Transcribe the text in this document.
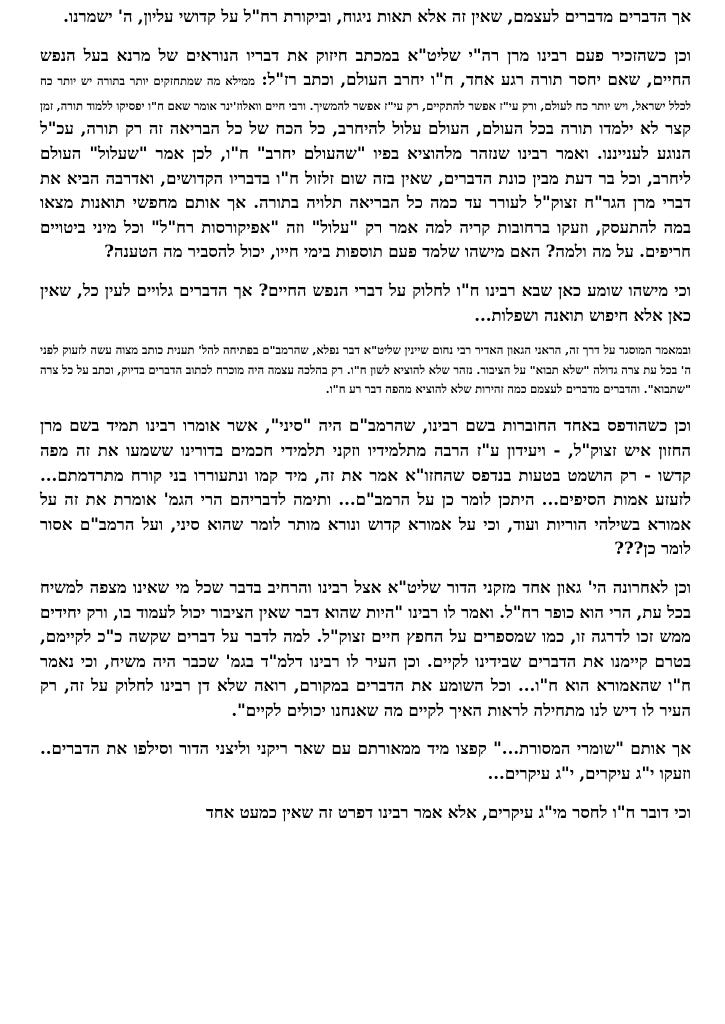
אך הדברים מדברים לעצמם, שאין זה אלא תאות ניגוח, וביקורת רח"ל על קדושי עליון, ה' ישמרנו.

וכן כשהזכיר פעם רבינו מרן רה"י שליט"א במכתב חיזוק את דבריו הנוראים של מרנא בעל הנפש החיים, שאם יחסר תורה רגע אחד, ח"ו יחרב העולם, וכתב רז"ל: ממילא מה שמתחזקים יותר בתורה יש יותר כח לכלל ישראל, ויש יותר כח לעולם, ורק עי"ז אפשר להתקיים, רק עי"ז אפשר להמשיך. ורבי חיים וואלוז'ינר אומר שאם ח"ו יפסיקו ללמוד תורה, זמן קצר לא ילמדו תורה בכל העולם, העולם עלול להיחרב, כל הכח של כל הבריאה זה רק תורה, עכ"ל הנוגע לענייננו. ואמר רבינו שנזהר מלהוציא בפיו "שהעולם יחרב" ח"ו, לכן אמר "שעלול" העולם ליחרב, וכל בר דעת מבין כונת הדברים, שאין בזה שום זלזול ח"ו בדבריו הקדושים, ואדרבה הביא את דברי מרן הגר"ח זצוק"ל לעורר עד כמה כל הבריאה תלויה בתורה. אך אותם מחפשי תואנות מצאו במה להתעסק, וזעקו ברחובות קריה למה אמר רק "עלול" וזה "אפיקורסות רח"ל" וכל מיני ביטויים חריפים. על מה ולמה? האם מישהו שלמד פעם תוספות בימי חייו, יכול להסביר מה הטענה?

וכי מישהו שומע כאן שבא רבינו ח"ו לחלוק על דברי הנפש החיים? אך הדברים גלויים לעין כל, שאין כאן אלא חיפוש תואנה ושפלות...

ובמאמר המוסגר על דרך זה, הראני הגאון האדיר רבי נחום שיינין שליט"א דבר נפלא, שהרמב"ם בפתיחה להל' תענית כותב מצוה עשה לזעוק לפני ה' בכל עת צרה גדולה "שלא תבוא" על הציבור. נזהר שלא להוציא לשון ח"ו. רק בהלכה עצמה היה מוכרח לכתוב הדברים בדיוק, וכתב על כל צרה "שתבוא". והדברים מדברים לעצמם כמה זהירות שלא להוציא מהפה דבר רע ח"ו.

וכן כשהודפס באחד החוברות בשם רבינו, שהרמב"ם היה "סיני", אשר אומרו רבינו תמיד בשם מרן החזון איש זצוק"ל, - ויעידון ע"ז הרבה מתלמידיו וזקני תלמידי חכמים בדורינו ששמעו את זה מפה קדשו - רק הושמט בטעות בנדפס שהחזו"א אמר את זה, מיד קמו ונתעוררו בני קורח מתרדמתם... לזעזע אמות הסיפים... היתכן לומר כן על הרמב"ם... ותימה לדבריהם הרי הגמ' אומרת את זה על אמורא בשילהי הוריות ועוד, וכי על אמורא קדוש ונורא מותר לומר שהוא סיני, ועל הרמב"ם אסור לומר כן???

וכן לאחרונה הי' גאון אחד מזקני הדור שליט"א אצל רבינו והרחיב בדבר שכל מי שאינו מצפה למשיח בכל עת, הרי הוא כופר רח"ל. ואמר לו רבינו "היות שהוא דבר שאין הציבור יכול לעמוד בו, ורק יחידים ממש זכו לדרגה זו, כמו שמספרים על החפץ חיים זצוק"ל. למה לדבר על דברים שקשה כ"כ לקיימם, בטרם קיימנו את הדברים שבידינו לקיים. וכן העיר לו רבינו דלמ"ד בגמ' שכבר היה משיח, וכי נאמר ח"ו שהאמורא הוא ח"ו... וכל השומע את הדברים במקורם, רואה שלא דן רבינו לחלוק על זה, רק העיר לו דיש לנו מתחילה לראות האיך לקיים מה שאנחנו יכולים לקיים".

אך אותם "שומרי המסורת..." קפצו מיד ממאורתם עם שאר ריקני וליצני הדור וסילפו את הדברים.. וזעקו י"ג עיקרים, י"ג עיקרים...

וכי דובר ח"ו לחסר מי"ג עיקרים, אלא אמר רבינו דפרט זה שאין כמעט אחד
